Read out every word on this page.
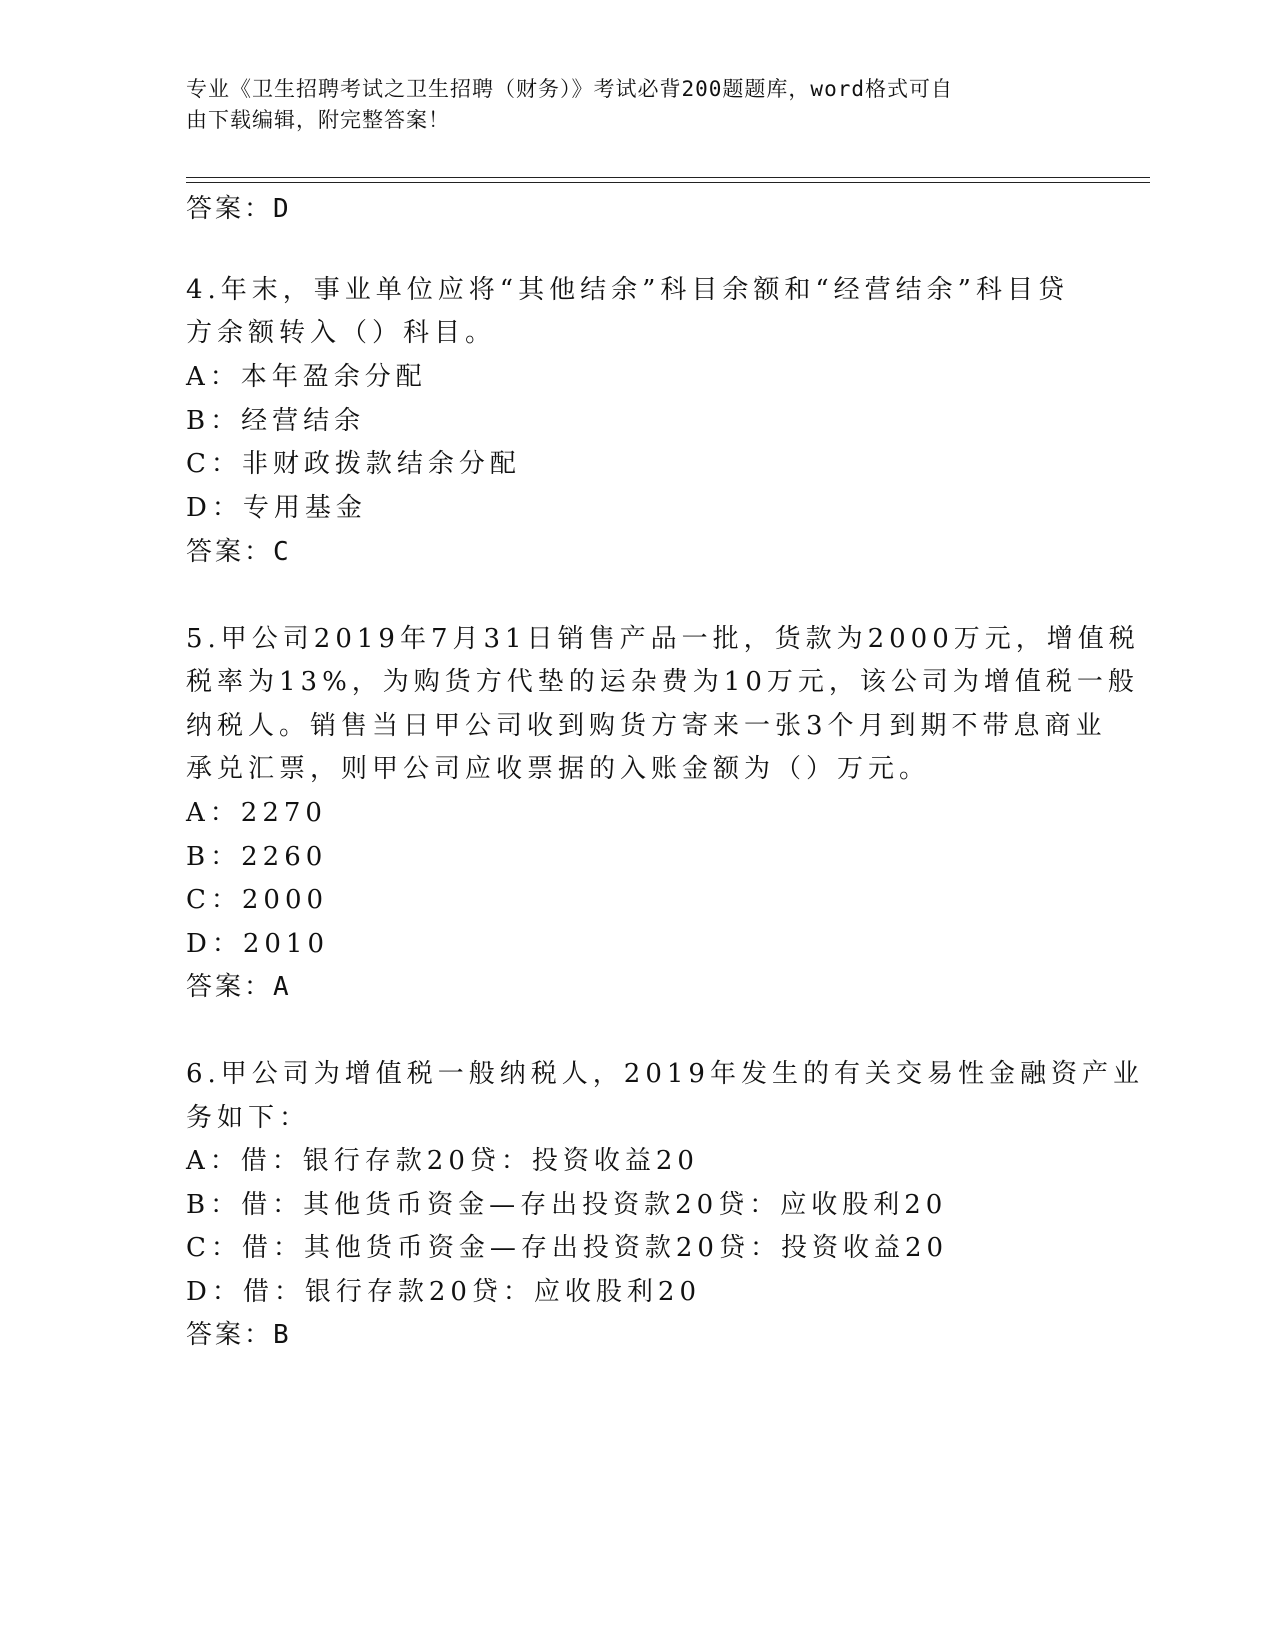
专业《卫生招聘考试之卫生招聘（财务）》考试必背200题题库，word格式可自
由下载编辑，附完整答案！
答案：D
4.年末，事业单位应将“其他结余”科目余额和“经营结余”科目贷
方余额转入（）科目。
A：本年盈余分配
B：经营结余
C：非财政拨款结余分配
D：专用基金
答案：C
5.甲公司2019年7月31日销售产品一批，货款为2000万元，增值税
税率为13%，为购货方代垫的运杂费为10万元，该公司为增值税一般
纳税人。销售当日甲公司收到购货方寄来一张3个月到期不带息商业
承兑汇票，则甲公司应收票据的入账金额为（）万元。
A：2270
B：2260
C：2000
D：2010
答案：A
6.甲公司为增值税一般纳税人，2019年发生的有关交易性金融资产业
务如下：
A：借：银行存款20贷：投资收益20
B：借：其他货币资金—存出投资款20贷：应收股利20
C：借：其他货币资金—存出投资款20贷：投资收益20
D：借：银行存款20贷：应收股利20
答案：B
